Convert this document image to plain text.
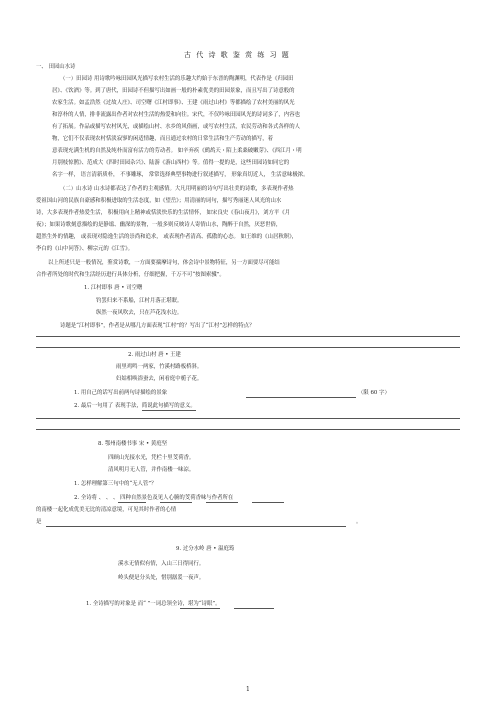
古 代 诗 歌 鉴 赏 练 习 题
一、 田园山水诗
（一）田园诗 用诗歌吟咏田园风光描写农村生活的乐趣大约始于东晋的陶渊明，代表作是《归园田
居》、《饮酒》等。到了唐代，田园诗不但描写出如画一般的朴素优美的田园景象，而且写出了诗意般的
农家生活。如孟浩然《过故人庄》、司空曙《江村即事》、王建《雨过山村》等都描绘了农村美丽的风光
和淳朴的人情，排非流露出作者对农村生活的热爱和向往。宋代，不仅吟咏田园风光的诗词多了，内容也
有了拓展。作品或描写农村风光，或描绘山村、水乡的风俗画，或写农村生活，农民劳动和各式各样的人
物，它们不仅表现农村恬淡寂寥的闲适情趣，而且通过农村的日常生活和生产劳动的描写，着
意表现充满生机的自然及纯朴而富有活力的劳动者。 如辛弃疾《鹧鸪天・陌上柔桑破嫩芽》、《西江月・明
月别枝惊鹊》、范成大《四时田园杂兴》、陆游《游山西村》等。值得一提的是，这些田园诗如同它的
名字一样， 语言清新质朴， 不事雕琢， 常常选择典型事物进行叙述描写， 形象真切近人， 生活意味极浓。
（二）山水诗 山水诗都表达了作者的主观感情。大凡用明丽的诗句写出壮美的诗歌，多表现作者热
爱祖国山河的民族自豪感和积极进取的生活态度，如《望岳》；用清丽的词句，描写秀丽迷人风光的山水
诗，大多表现作者热爱生活， 积极用向上精神或恬淡快乐的生活情怀， 如宋良史《春山夜月》，刘方平《月
夜》；如果诗歌刻意描绘的是静谧、幽深的景物，一般多则反映诗人寄情山水，陶醉于自然，厌恶世俗，
超然生外的情趣， 或表现对隐逸生活的崇尚和追求， 或表现作者清高、孤傲的心态。 如王维的《山居秋暝》，
李白的《山中问答》、柳宗元的《江雪》。
以上所述只是一般情况，鉴赏诗歌，一方面要揣摩诗句，体会诗中景物特征，另一方面要尽可能结
合作者所处的时代和生活经历进行具体分析，仔细把握，千万不可“按图索骥”。
1. 江村即事 唐 • 司空曙
钓罢归来不系船，江村月落正堪眠。
纵然一夜风吹去，只在芦花浅水边。
诗题是“江村即事”，作者是从哪几方面表现“江村”的？写出了“江村”怎样的特点？
2. 雨过山村 唐 • 王建
雨里鸡鸣一两家，竹溪村路板桥斜。
妇姑相唤浴蚕去，闲看庭中栀子花。
1. 用自己的话写出前两句诗描绘的景象	（限 60 字）
2. 最后一句用了 表现手法，简说此句描写的意义。
8. 鄂州南楼书事 宋 • 黄庭坚
四顾山光接水光，凭栏十里芰荷香。
清风明月无人管，并作南楼一味凉。
1. 怎样理解第三句中的“无人管”？
2. 全诗将 、 、 、 四种自然景色及见人心腑的芰荷香味与作者所在
的南楼一起化成优美无比的清凉意境，可见其时作者的心情
是	。
9. 过分水岭 唐 • 温庭筠
溪水无情似有情，入山三日得同行。
岭头便是分头处，惜别潺爰一夜声。
1. 全诗描写的对象是 而“ ”一词总领全诗，堪为“诗眼”。
1
